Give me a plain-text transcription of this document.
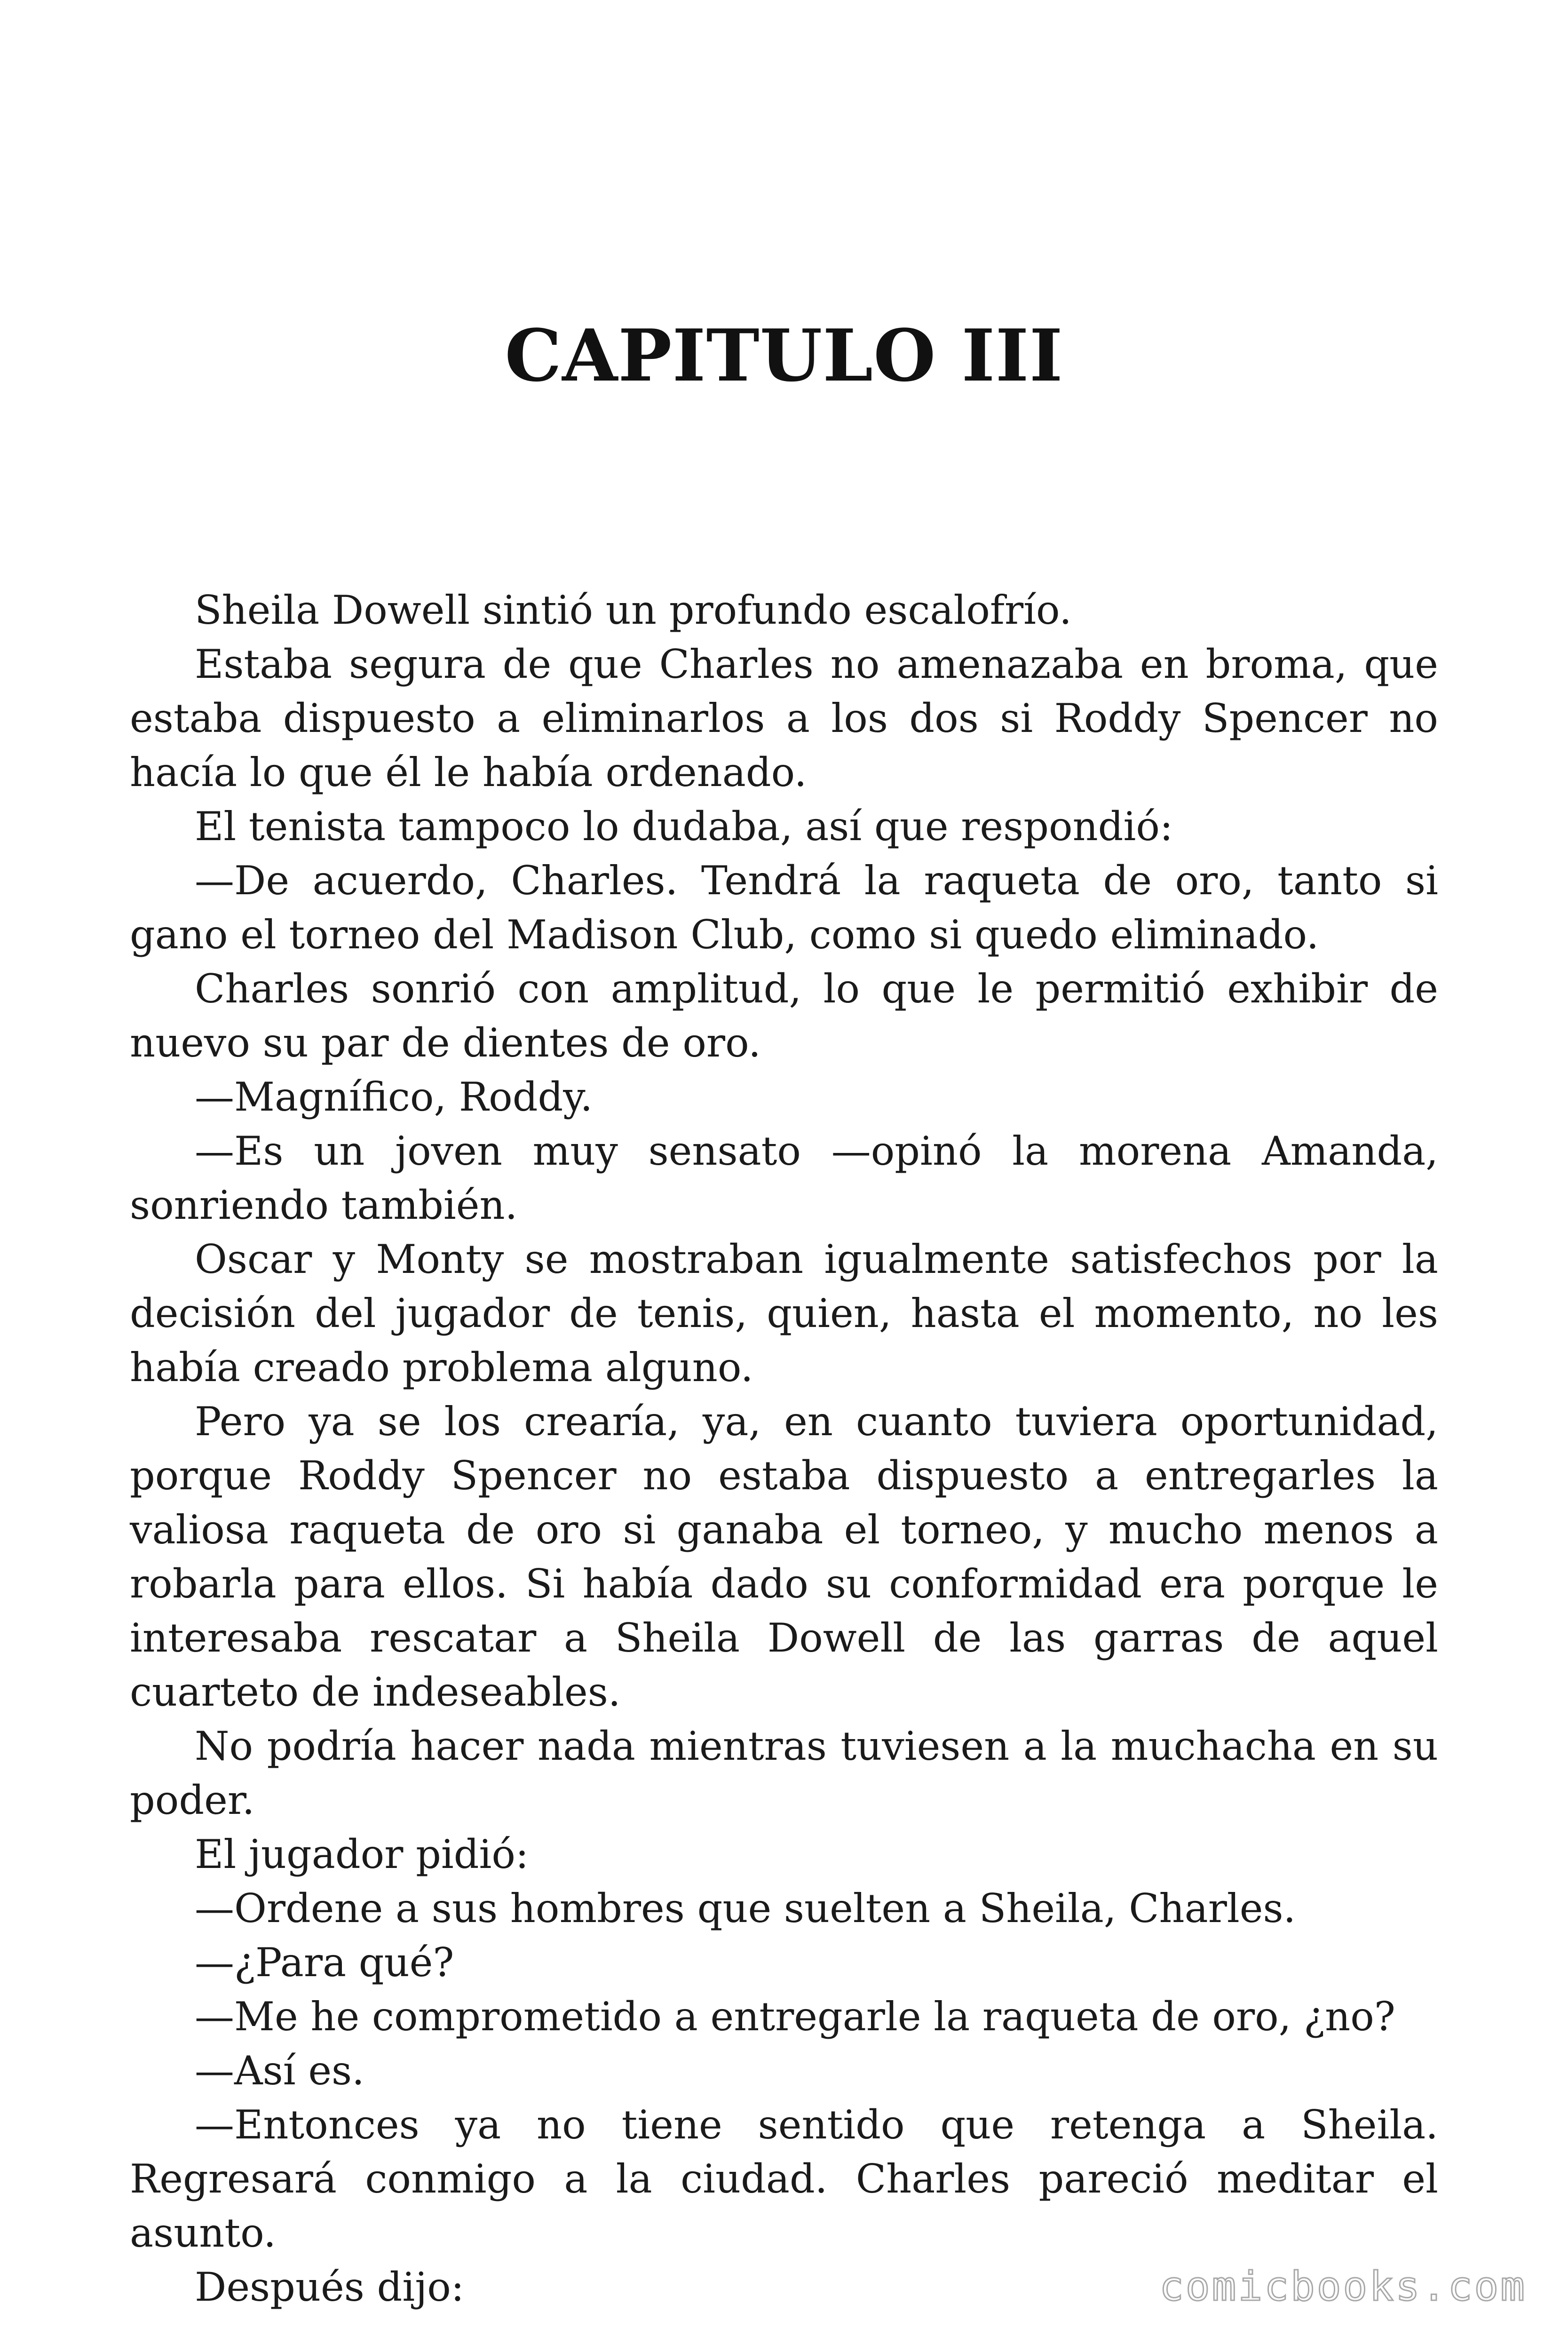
CAPITULO III

Sheila Dowell sintió un profundo escalofrío.

Estaba segura de que Charles no amenazaba en broma, que estaba dispuesto a eliminarlos a los dos si Roddy Spencer no hacía lo que él le había ordenado.

El tenista tampoco lo dudaba, así que respondió:

—De acuerdo, Charles. Tendrá la raqueta de oro, tanto si gano el torneo del Madison Club, como si quedo eliminado.

Charles sonrió con amplitud, lo que le permitió exhibir de nuevo su par de dientes de oro.

—Magnífico, Roddy.

—Es un joven muy sensato —opinó la morena Amanda, sonriendo también.

Oscar y Monty se mostraban igualmente satisfechos por la decisión del jugador de tenis, quien, hasta el momento, no les había creado problema alguno.

Pero ya se los crearía, ya, en cuanto tuviera oportunidad, porque Roddy Spencer no estaba dispuesto a entregarles la valiosa raqueta de oro si ganaba el torneo, y mucho menos a robarla para ellos. Si había dado su conformidad era porque le interesaba rescatar a Sheila Dowell de las garras de aquel cuarteto de indeseables.

No podría hacer nada mientras tuviesen a la muchacha en su poder.

El jugador pidió:

—Ordene a sus hombres que suelten a Sheila, Charles.

—¿Para qué?

—Me he comprometido a entregarle la raqueta de oro, ¿no?

—Así es.

—Entonces ya no tiene sentido que retenga a Sheila. Regresará conmigo a la ciudad. Charles pareció meditar el asunto.

Después dijo:	comicbooks.com
